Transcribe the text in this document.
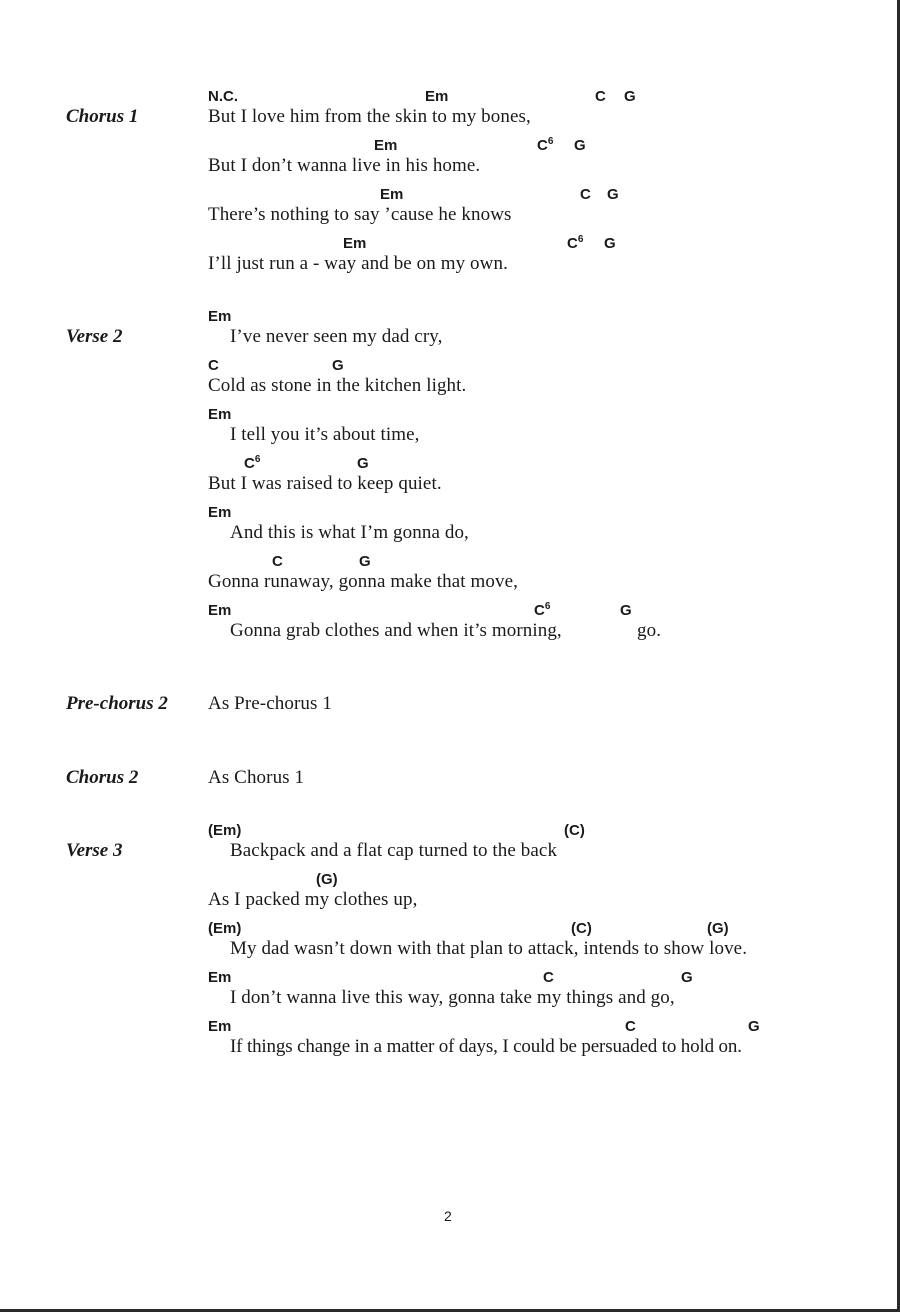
Chorus 1
N.C.	Em	C G
But I love him from the skin to my bones,
Em	$C^6$ G
But I don’t wanna live in his home.
Em	C G
There’s nothing to say ’cause he knows
Em	$C^6$ G
I’ll just run a - way and be on my own.
Verse 2
Em
I’ve never seen my dad cry,
C	G
Cold as stone in the kitchen light.
Em
I tell you it’s about time,
$C^6$	G
But I was raised to keep quiet.
Em
And this is what I’m gonna do,
C	G
Gonna runaway, gonna make that move,
Em	$C^6$	G
Gonna grab clothes and when it’s morning,	go.
Pre-chorus 2 As Pre-chorus 1
Chorus 2	As Chorus 1
Verse 3
(Em)	(C)
Backpack and a flat cap turned to the back
(G)
As I packed my clothes up,
(Em)	(C)	(G)
My dad wasn’t down with that plan to attack, intends to show love.
Em	C	G
I don’t wanna live this way, gonna take my things and go,
Em	C	G
If things change in a matter of days, I could be persuaded to hold on.
2
